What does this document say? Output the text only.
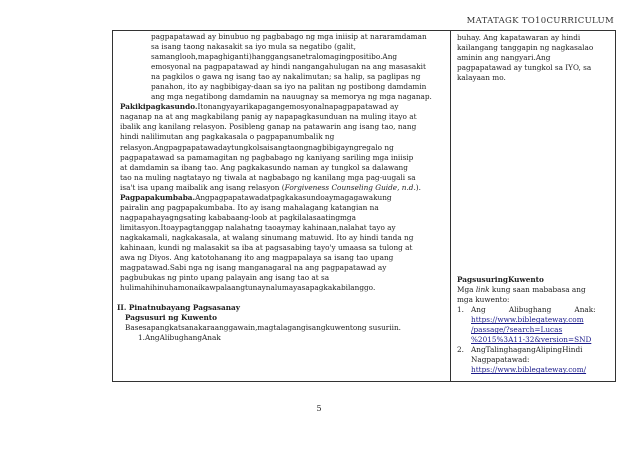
MATATAGK TO10CURRICULUM

pagpapatawad ay binubuo ng pagbabago ng mga iniisip at nararamdaman

sa isang taong nakasakit sa iyo mula sa negatibo (galit,

samanglooh,mapaghiganti)hanggangsanetralomagingpositibo.Ang

emosyonal na pagpapatawad ay hindi nangangahulugan na ang masasakit

na pagkilos o gawa ng isang tao ay nakalimutan; sa halip, sa paglipas ng

panahon, ito ay nagbibigay-daan sa iyo na palitan ng postibong damdamin

ang mga negatibong damdamin na nauugnay sa memorya ng mga naganap.

Pakikipagkasundo.Itonangyayarikapagangemosyonalnapagpapatawad ay

naganap na at ang magkabilang panig ay napapagkasunduan na muling itayo at

ibalik ang kanilang relasyon. Posibleng ganap na patawarin ang isang tao, nang

hindi nalilimutan ang pagkakasala o pagpapanumbalik ng

relasyon.Angpagpapatawadaytungkolsaisangtaongnagbibigayngregalo ng

pagpapatawad sa pamamagitan ng pagbabago ng kaniyang sariling mga iniisip

at damdamin sa ibang tao. Ang pagkakasundo naman ay tungkol sa dalawang

tao na muling nagtatayo ng tiwala at nagbabago ng kanilang mga pag-uugali sa

isa't isa upang maibalik ang isang relasyon (Forgiveness Counseling Guide, n.d.).

Pagpapakumbaba.Angpagpapatawadatpagkakasundoaymagagawakung

pairalin ang pagpapakumbaba. Ito ay isang mahalagang katangian na

nagpapahayagngsating kababaang-loob at pagkilalasaatingmga

limitasyon.Itoaypagtanggap nalahatng taoaymay kahinaan,nalahat tayo ay

nagkakamali, nagkakasala, at walang sinumang matuwid. Ito ay hindi tanda ng

kahinaan, kundi ng malasakit sa iba at pagsasabing tayo'y umaasa sa tulong at

awa ng Diyos. Ang katotohanang ito ang magpapalaya sa isang tao upang

magpatawad.Sabi nga ng isang manganagaral na ang pagpapatawad ay

pagbubukas ng pinto upang palayain ang isang tao at sa

hulimahihinuhamonaikawpalaangtunaynalumayasapagkakabilanggo.

II. Pinatnubayang Pagsasanay

Pagsusuri ng Kuwento

Basesapangkatsanakaraanggawain,magtalagangisangkuwentong susuriin.

1.AngAlibughangAnak

buhay. Ang kapatawaran ay hindi

kailangang tanggapin ng nagkasalao

aminin ang nangyari.Ang

pagpapatawad ay tungkol sa IYO, sa

kalayaan mo.

PagsusuringKuwento

Mga link kung saan mababasa ang

mga kuwento:

1. Ang          Alibughang          Anak:
https://www.biblegateway.com
/passage/?search=Lucas
%2015%3A11-32&version=SND
2. AngTalinghagangAlipingHindi
Nagpapatawad:
https://www.biblegateway.com/
5
